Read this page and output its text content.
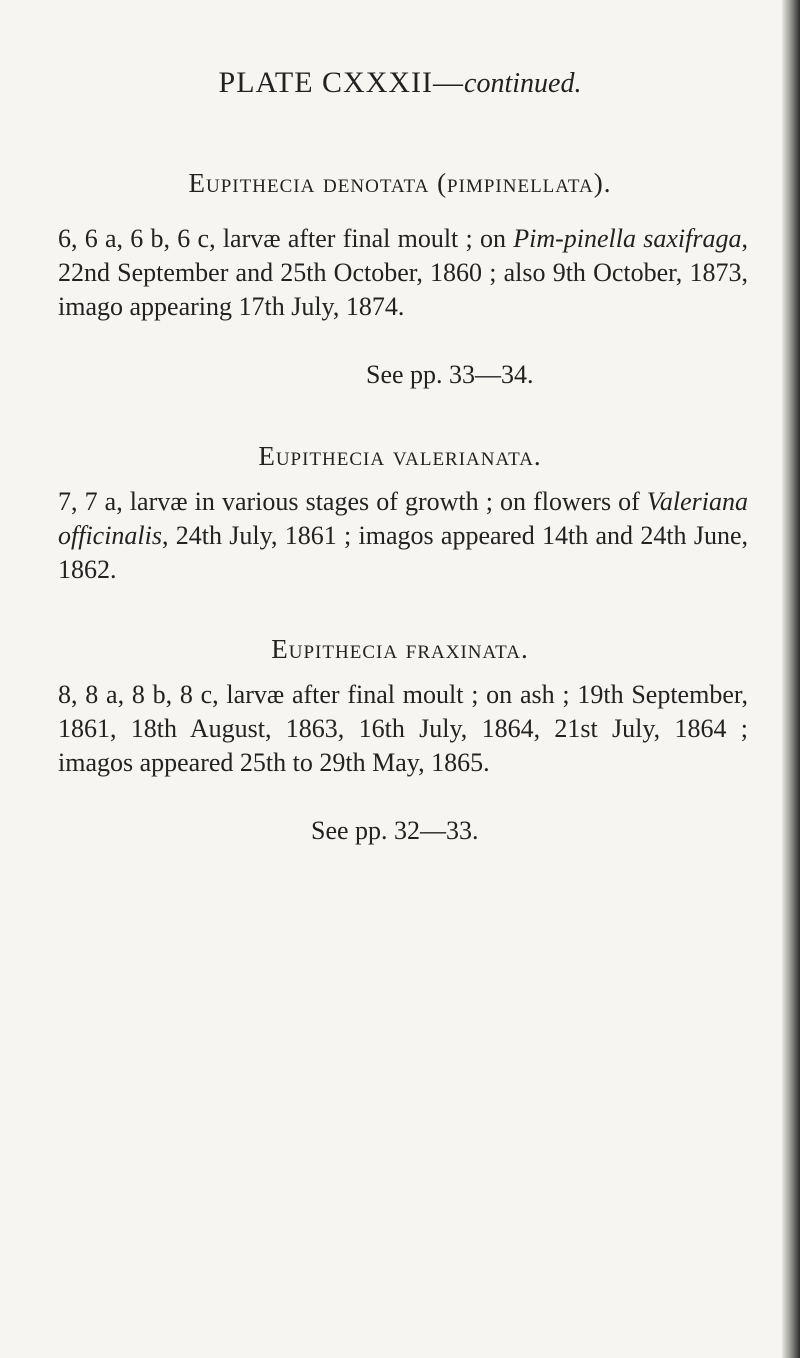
PLATE CXXXII—continued.
Eupithecia denotata (pimpinellata).
6, 6 a, 6 b, 6 c, larvæ after final moult ; on Pim-pinella saxifraga, 22nd September and 25th October, 1860 ; also 9th October, 1873, imago appearing 17th July, 1874.
See pp. 33—34.
Eupithecia valerianata.
7, 7 a, larvæ in various stages of growth ; on flowers of Valeriana officinalis, 24th July, 1861 ; imagos appeared 14th and 24th June, 1862.
Eupithecia fraxinata.
8, 8 a, 8 b, 8 c, larvæ after final moult ; on ash ; 19th September, 1861, 18th August, 1863, 16th July, 1864, 21st July, 1864 ; imagos appeared 25th to 29th May, 1865.
See pp. 32—33.
